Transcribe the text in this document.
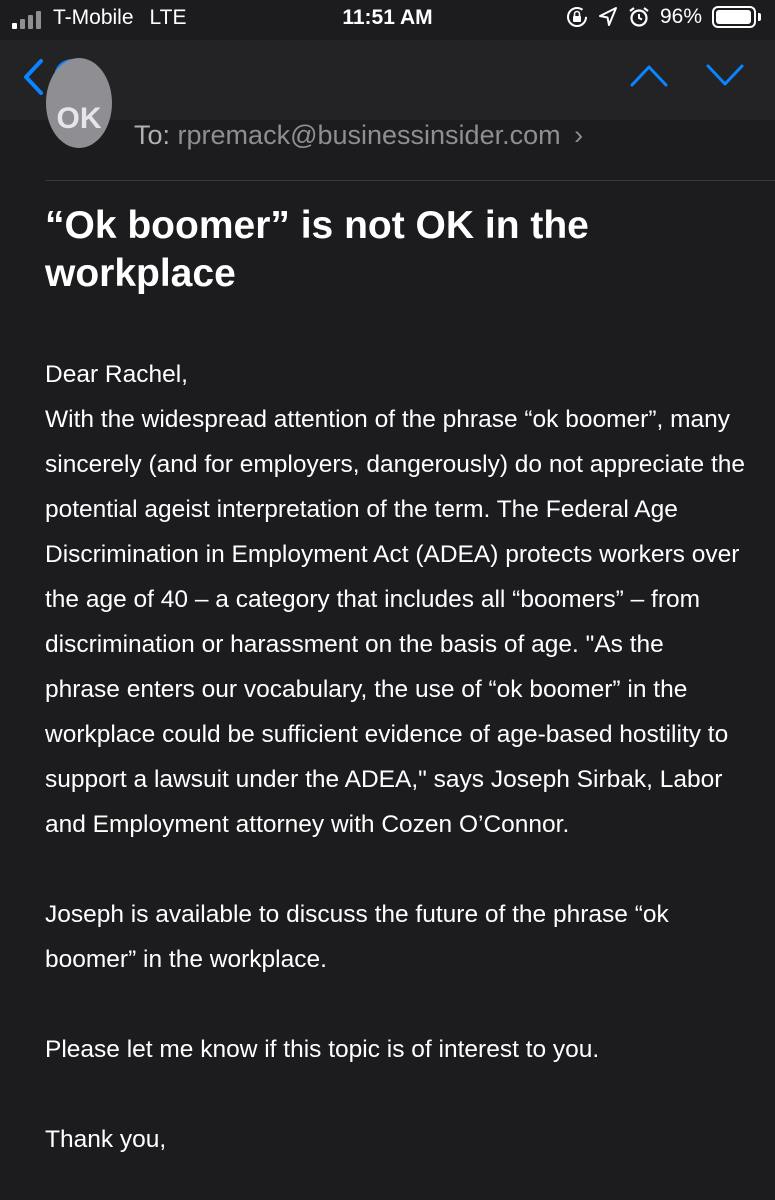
T-Mobile LTE	11:51 AM	96%
OK	To: rpremack@businessinsider.com ›
“Ok boomer” is not OK in the workplace

Dear Rachel,

With the widespread attention of the phrase “ok boomer”, many sincerely (and for employers, dangerously) do not appreciate the potential ageist interpretation of the term. The Federal Age Discrimination in Employment Act (ADEA) protects workers over the age of 40 – a category that includes all “boomers” – from discrimination or harassment on the basis of age. "As the phrase enters our vocabulary, the use of “ok boomer” in the workplace could be sufficient evidence of age-based hostility to support a lawsuit under the ADEA," says Joseph Sirbak, Labor and Employment attorney with Cozen O’Connor.

Joseph is available to discuss the future of the phrase “ok boomer” in the workplace.

Please let me know if this topic is of interest to you.

Thank you,
